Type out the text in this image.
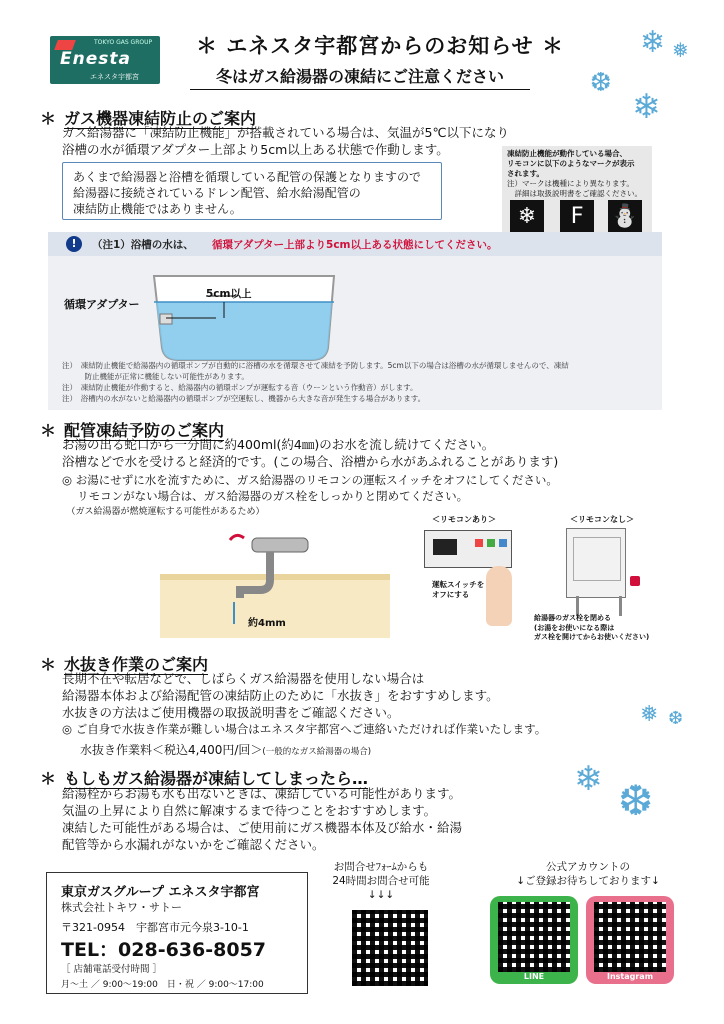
TOKYO GAS GROUP
Enesta
エネスタ宇都宮
＊ エネスタ宇都宮からのお知らせ ＊
冬はガス給湯器の凍結にご注意ください
❄ ❅
❆
❄
＊ ガス機器凍結防止のご案内
ガス給湯器に「凍結防止機能」が搭載されている場合は、気温が5℃以下になり
浴槽の水が循環アダプター上部より5cm以上ある状態で作動します。
あくまで給湯器と浴槽を循環している配管の保護となりますので
給湯器に接続されているドレン配管、給水給湯配管の
凍結防止機能ではありません。
凍結防止機能が動作している場合、
リモコンに以下のようなマークが表示
されます。
注）マークは機種により異なります。
　詳細は取扱説明書をご確認ください。
❄	F	⛄
!	（注1）浴槽の水は、 循環アダプター上部より5cm以上ある状態にしてください。
循環アダプター
5cm以上
注）　凍結防止機能で給湯器内の循環ポンプが自動的に浴槽の水を循環させて凍結を予防します。5cm以下の場合は浴槽の水が循環しませんので、凍結
　　　防止機能が正常に機能しない可能性があります。
注）　凍結防止機能が作動すると、給湯器内の循環ポンプが運転する音（ウーンという作動音）がします。
注）　浴槽内の水がないと給湯器内の循環ポンプが空運転し、機器から大きな音が発生する場合があります。
＊ 配管凍結予防のご案内
お湯の出る蛇口から一分間に約400ml(約4㎜)のお水を流し続けてください。
浴槽などで水を受けると経済的です。(この場合、浴槽から水があふれることがあります)
◎ お湯にせずに水を流すために、ガス給湯器のリモコンの運転スイッチをオフにしてください。
　 リモコンがない場合は、ガス給湯器のガス栓をしっかりと閉めてください。
　（ガス給湯器が燃焼運転する可能性があるため）
約4mm
＜リモコンあり＞
運転スイッチを
オフにする
＜リモコンなし＞
給湯器のガス栓を閉める
(お湯をお使いになる際は
ガス栓を開けてからお使いください)
＊ 水抜き作業のご案内
長期不在や転居などで、しばらくガス給湯器を使用しない場合は
給湯器本体および給湯配管の凍結防止のために「水抜き」をおすすめします。
水抜きの方法はご使用機器の取扱説明書をご確認ください。
◎ ご自身で水抜き作業が難しい場合はエネスタ宇都宮へご連絡いただければ作業いたします。
水抜き作業料＜税込4,400円/回＞(一般的なガス給湯器の場合)
❅ ❆
＊ もしもガス給湯器が凍結してしまったら…
給湯栓からお湯も水も出ないときは、凍結している可能性があります。
気温の上昇により自然に解凍するまで待つことをおすすめします。
凍結した可能性がある場合は、ご使用前にガス機器本体及び給水・給湯
配管等から水漏れがないかをご確認ください。
❄ ❆
東京ガスグループ エネスタ宇都宮
株式会社トキワ・サトー
〒321-0954　宇都宮市元今泉3-10-1
TEL：028-636-8057
［ 店舗電話受付時間 ］
月〜土 ／ 9:00〜19:00　日・祝 ／ 9:00〜17:00
お問合せﾌｫｰﾑからも
24時間お問合せ可能
↓↓↓
公式アカウントの
↓ご登録お待ちしております↓
LINE	Instagram
